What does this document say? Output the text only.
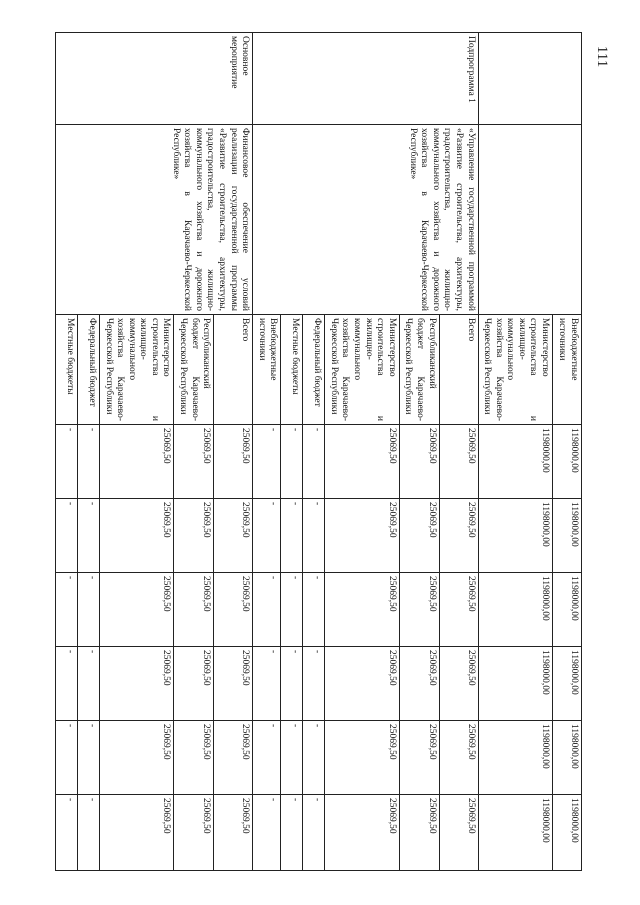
111
		Внебюджетные источники	1198000,00	1198000,00	1198000,00	1198000,00	1198000,00	1198000,00
		Министерство строительства и жилищно-коммунального хозяйства Карачаево-Черкесской Республики	1198000,00	1198000,00	1198000,00	1198000,00	1198000,00	1198000,00
Подпрограмма 1	«Управление государственной программой «Развитие строительства, архитектуры, градостроительства, жилищно-коммунального хозяйства и дорожного хозяйства в Карачаево-Черкесской Республике»	Всего	25069,50	25069,50	25069,50	25069,50	25069,50	25069,50
		Республиканский бюджет Карачаево-Черкесской Республики	25069,50	25069,50	25069,50	25069,50	25069,50	25069,50
		Министерство строительства и жилищно-коммунального хозяйства Карачаево-Черкесской Республики	25069,50	25069,50	25069,50	25069,50	25069,50	25069,50
		Федеральный бюджет	-	-	-	-	-	-
		Местные бюджеты	-	-	-	-	-	-
		Внебюджетные источники	-	-	-	-	-	-
Основное мероприятие	Финансовое обеспечение условий реализации государственной программы «Развитие строительства, архитектуры, градостроительства, жилищно-коммунального хозяйства и дорожного хозяйства в Карачаево-Черкесской Республике»	Всего	25069,50	25069,50	25069,50	25069,50	25069,50	25069,50
		Республиканский бюджет Карачаево-Черкесской Республики	25069,50	25069,50	25069,50	25069,50	25069,50	25069,50
		Министерство строительства и жилищно-коммунального хозяйства Карачаево-Черкесской Республики	25069,50	25069,50	25069,50	25069,50	25069,50	25069,50
		Федеральный бюджет	-	-	-	-	-	-
		Местные бюджеты	-	-	-	-	-	-
